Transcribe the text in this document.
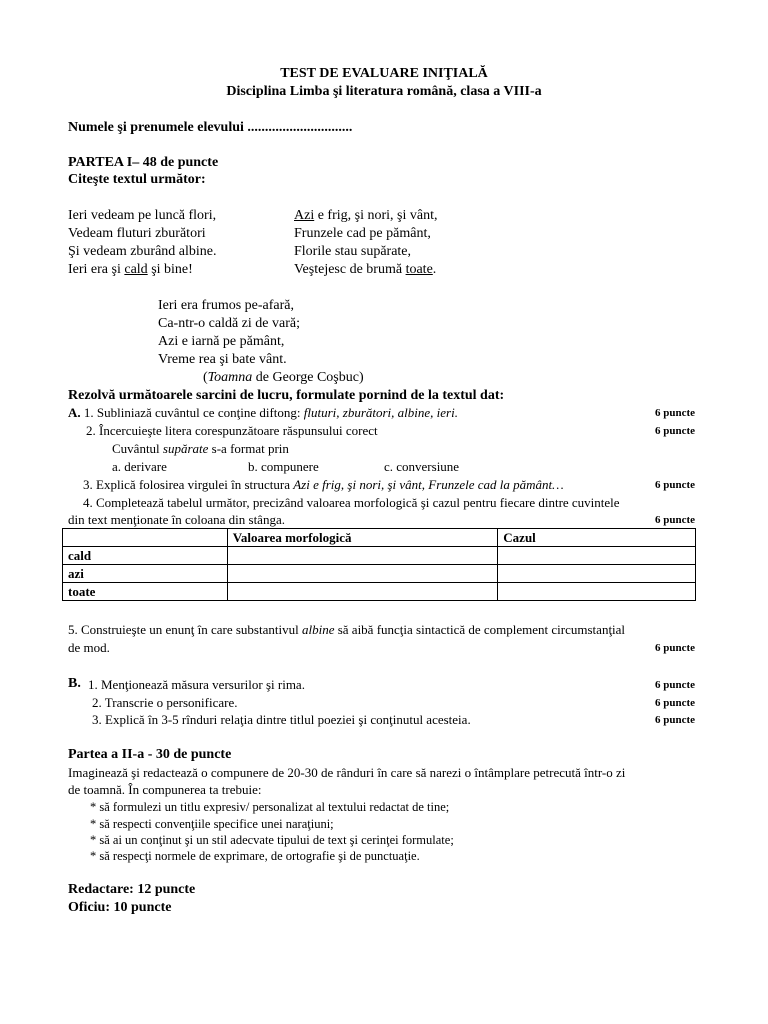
TEST DE EVALUARE INIŢIALĂ
Disciplina Limba şi literatura română, clasa a VIII-a
Numele şi prenumele elevului ..............................
PARTEA I– 48 de puncte
Citeşte textul următor:
Ieri vedeam pe luncă flori,
Vedeam fluturi zburători
Şi vedeam zburând albine.
Ieri era şi cald şi bine!
Azi e frig, şi nori, şi vânt,
Frunzele cad pe pământ,
Florile stau supărate,
Veştejesc de brumă toate.
Ieri era frumos pe-afară,
Ca-ntr-o caldă zi de vară;
Azi e iarnă pe pământ,
Vreme rea şi bate vânt.
(Toamna de George Coşbuc)
Rezolvă următoarele sarcini de lucru, formulate pornind de la textul dat:
A. 1. Subliniază cuvântul ce conţine diftong: fluturi, zburători, albine, ieri.	6 puncte
2. Încercuieşte litera corespunzătoare răspunsului corect	6 puncte
Cuvântul supărate s-a format prin
a. derivare	b. compunere	c. conversiune
3. Explică folosirea virgulei în structura Azi e frig, şi nori, şi vânt, Frunzele cad la pământ…	6 puncte
4. Completează tabelul următor, precizând valoarea morfologică şi cazul pentru fiecare dintre cuvintele
din text menţionate în coloana din stânga.	6 puncte
	Valoarea morfologică	Cazul
cald		
azi		
toate		
5. Construieşte un enunţ în care substantivul albine să aibă funcţia sintactică de complement circumstanţial
de mod.	6 puncte
B. 1. Menţionează măsura versurilor şi rima.	6 puncte
2. Transcrie o personificare.	6 puncte
3. Explică în 3-5 rînduri relaţia dintre titlul poeziei şi conţinutul acesteia.	6 puncte
Partea a II-a - 30 de puncte
Imaginează şi redactează o compunere de 20-30 de rânduri în care să narezi o întâmplare petrecută într-o zi
de toamnă. În compunerea ta trebuie:
* să formulezi un titlu expresiv/ personalizat al textului redactat de tine;
* să respecti convenţiile specifice unei naraţiuni;
* să ai un conţinut şi un stil adecvate tipului de text şi cerinţei formulate;
* să respecţi normele de exprimare, de ortografie şi de punctuaţie.
Redactare: 12 puncte
Oficiu: 10 puncte
